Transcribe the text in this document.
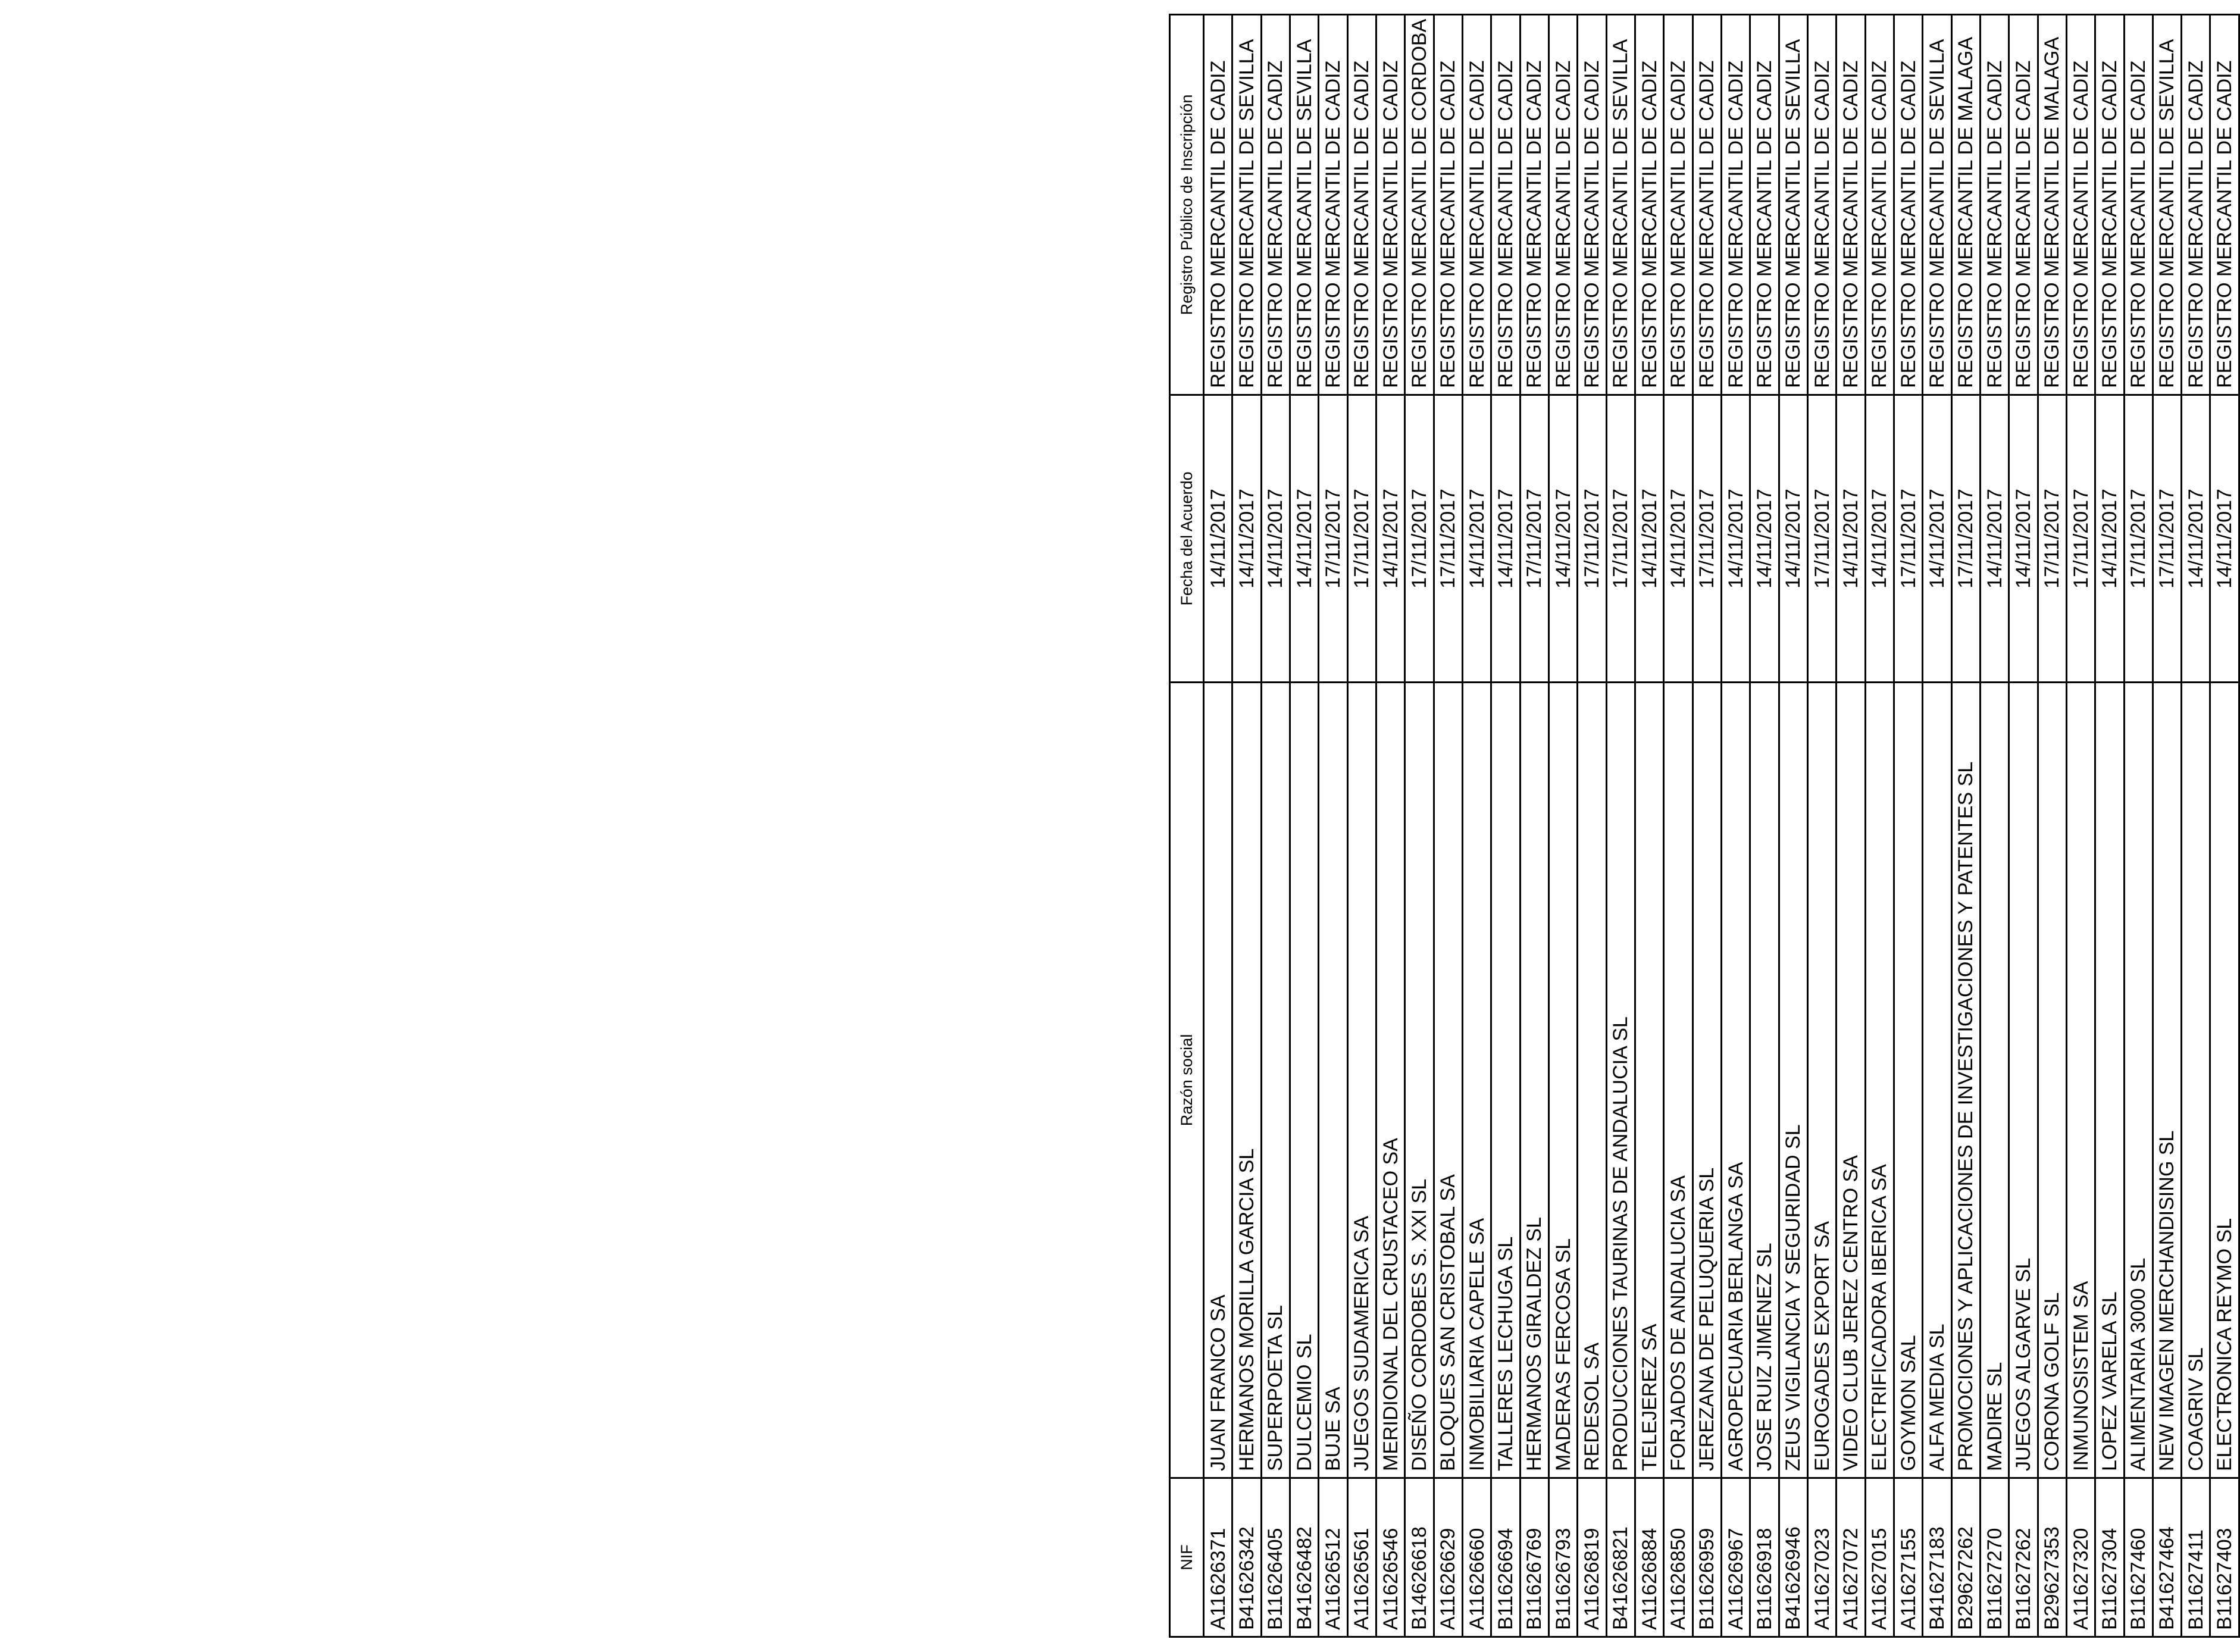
NIF	Razón social	Fecha del Acuerdo	Registro Público de Inscripción
A11626371	JUAN FRANCO SA	14/11/2017	REGISTRO MERCANTIL DE CADIZ
B41626342	HERMANOS MORILLA GARCIA SL	14/11/2017	REGISTRO MERCANTIL DE SEVILLA
B11626405	SUPERPOETA SL	14/11/2017	REGISTRO MERCANTIL DE CADIZ
B41626482	DULCEMIO SL	14/11/2017	REGISTRO MERCANTIL DE SEVILLA
A11626512	BUJE SA	17/11/2017	REGISTRO MERCANTIL DE CADIZ
A11626561	JUEGOS SUDAMERICA SA	17/11/2017	REGISTRO MERCANTIL DE CADIZ
A11626546	MERIDIONAL DEL CRUSTACEO SA	14/11/2017	REGISTRO MERCANTIL DE CADIZ
B14626618	DISEÑO CORDOBES S. XXI SL	17/11/2017	REGISTRO MERCANTIL DE CORDOBA
A11626629	BLOQUES SAN CRISTOBAL SA	17/11/2017	REGISTRO MERCANTIL DE CADIZ
A11626660	INMOBILIARIA CAPELE SA	14/11/2017	REGISTRO MERCANTIL DE CADIZ
B11626694	TALLERES LECHUGA SL	14/11/2017	REGISTRO MERCANTIL DE CADIZ
B11626769	HERMANOS GIRALDEZ SL	17/11/2017	REGISTRO MERCANTIL DE CADIZ
B11626793	MADERAS FERCOSA SL	14/11/2017	REGISTRO MERCANTIL DE CADIZ
A11626819	REDESOL SA	17/11/2017	REGISTRO MERCANTIL DE CADIZ
B41626821	PRODUCCIONES TAURINAS DE ANDALUCIA SL	17/11/2017	REGISTRO MERCANTIL DE SEVILLA
A11626884	TELEJEREZ SA	14/11/2017	REGISTRO MERCANTIL DE CADIZ
A11626850	FORJADOS DE ANDALUCIA SA	14/11/2017	REGISTRO MERCANTIL DE CADIZ
B11626959	JEREZANA DE PELUQUERIA SL	17/11/2017	REGISTRO MERCANTIL DE CADIZ
A11626967	AGROPECUARIA BERLANGA SA	14/11/2017	REGISTRO MERCANTIL DE CADIZ
B11626918	JOSE RUIZ JIMENEZ SL	14/11/2017	REGISTRO MERCANTIL DE CADIZ
B41626946	ZEUS VIGILANCIA Y SEGURIDAD SL	14/11/2017	REGISTRO MERCANTIL DE SEVILLA
A11627023	EUROGADES EXPORT SA	17/11/2017	REGISTRO MERCANTIL DE CADIZ
A11627072	VIDEO CLUB JEREZ CENTRO SA	14/11/2017	REGISTRO MERCANTIL DE CADIZ
A11627015	ELECTRIFICADORA IBERICA SA	14/11/2017	REGISTRO MERCANTIL DE CADIZ
A11627155	GOYMON SAL	17/11/2017	REGISTRO MERCANTIL DE CADIZ
B41627183	ALFA MEDIA SL	14/11/2017	REGISTRO MERCANTIL DE SEVILLA
B29627262	PROMOCIONES Y APLICACIONES DE INVESTIGACIONES Y PATENTES SL	17/11/2017	REGISTRO MERCANTIL DE MALAGA
B11627270	MADIRE SL	14/11/2017	REGISTRO MERCANTIL DE CADIZ
B11627262	JUEGOS ALGARVE SL	14/11/2017	REGISTRO MERCANTIL DE CADIZ
B29627353	CORONA GOLF SL	17/11/2017	REGISTRO MERCANTIL DE MALAGA
A11627320	INMUNOSISTEM SA	17/11/2017	REGISTRO MERCANTIL DE CADIZ
B11627304	LOPEZ VARELA SL	14/11/2017	REGISTRO MERCANTIL DE CADIZ
B11627460	ALIMENTARIA 3000 SL	17/11/2017	REGISTRO MERCANTIL DE CADIZ
B41627464	NEW IMAGEN MERCHANDISING SL	17/11/2017	REGISTRO MERCANTIL DE SEVILLA
B11627411	COAGRIV SL	14/11/2017	REGISTRO MERCANTIL DE CADIZ
B11627403	ELECTRONICA REYMO SL	14/11/2017	REGISTRO MERCANTIL DE CADIZ
